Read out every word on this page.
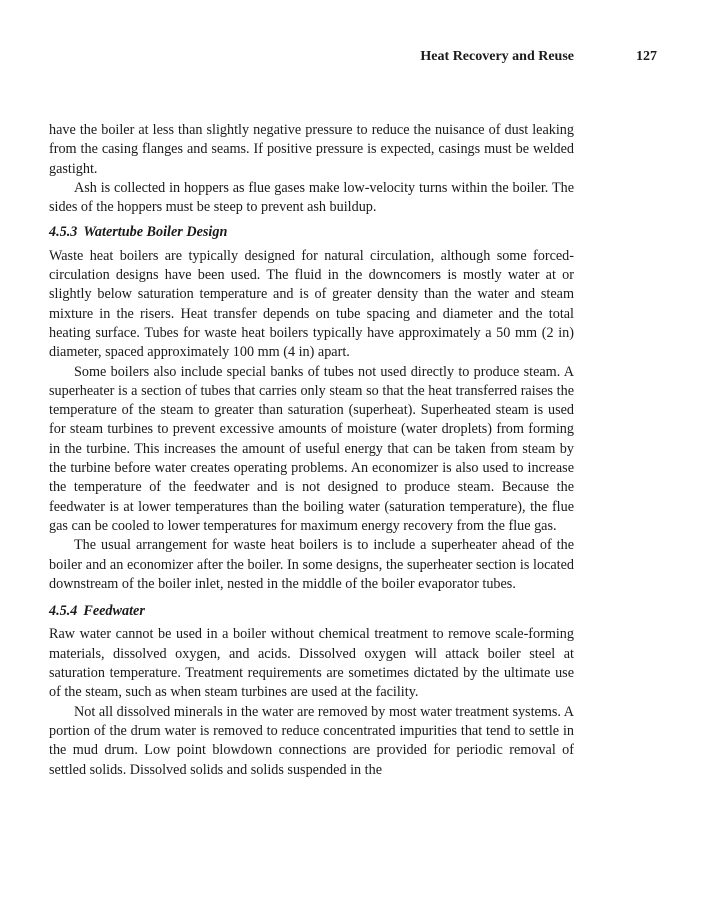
Heat Recovery and Reuse	127

have the boiler at less than slightly negative pressure to reduce the nuisance of dust leaking from the casing flanges and seams. If positive pressure is expected, casings must be welded gastight.

Ash is collected in hoppers as flue gases make low-velocity turns within the boiler. The sides of the hoppers must be steep to prevent ash buildup.

4.5.3 Watertube Boiler Design

Waste heat boilers are typically designed for natural circulation, although some forced-circulation designs have been used. The fluid in the downcomers is mostly water at or slightly below saturation temperature and is of greater density than the water and steam mixture in the risers. Heat transfer depends on tube spacing and diameter and the total heating surface. Tubes for waste heat boilers typically have approximately a 50 mm (2 in) diameter, spaced approximately 100 mm (4 in) apart.

Some boilers also include special banks of tubes not used directly to produce steam. A superheater is a section of tubes that carries only steam so that the heat transferred raises the temperature of the steam to greater than saturation (superheat). Superheated steam is used for steam turbines to prevent excessive amounts of moisture (water droplets) from forming in the turbine. This increases the amount of useful energy that can be taken from steam by the turbine before water creates operating problems. An economizer is also used to increase the temperature of the feedwater and is not designed to produce steam. Because the feedwater is at lower temperatures than the boiling water (saturation temperature), the flue gas can be cooled to lower temperatures for maximum energy recovery from the flue gas.

The usual arrangement for waste heat boilers is to include a superheater ahead of the boiler and an economizer after the boiler. In some designs, the superheater section is located downstream of the boiler inlet, nested in the middle of the boiler evaporator tubes.

4.5.4 Feedwater

Raw water cannot be used in a boiler without chemical treatment to remove scale-forming materials, dissolved oxygen, and acids. Dissolved oxygen will attack boiler steel at saturation temperature. Treatment requirements are sometimes dictated by the ultimate use of the steam, such as when steam turbines are used at the facility.

Not all dissolved minerals in the water are removed by most water treatment systems. A portion of the drum water is removed to reduce concentrated impurities that tend to settle in the mud drum. Low point blowdown connections are provided for periodic removal of settled solids. Dissolved solids and solids suspended in the
